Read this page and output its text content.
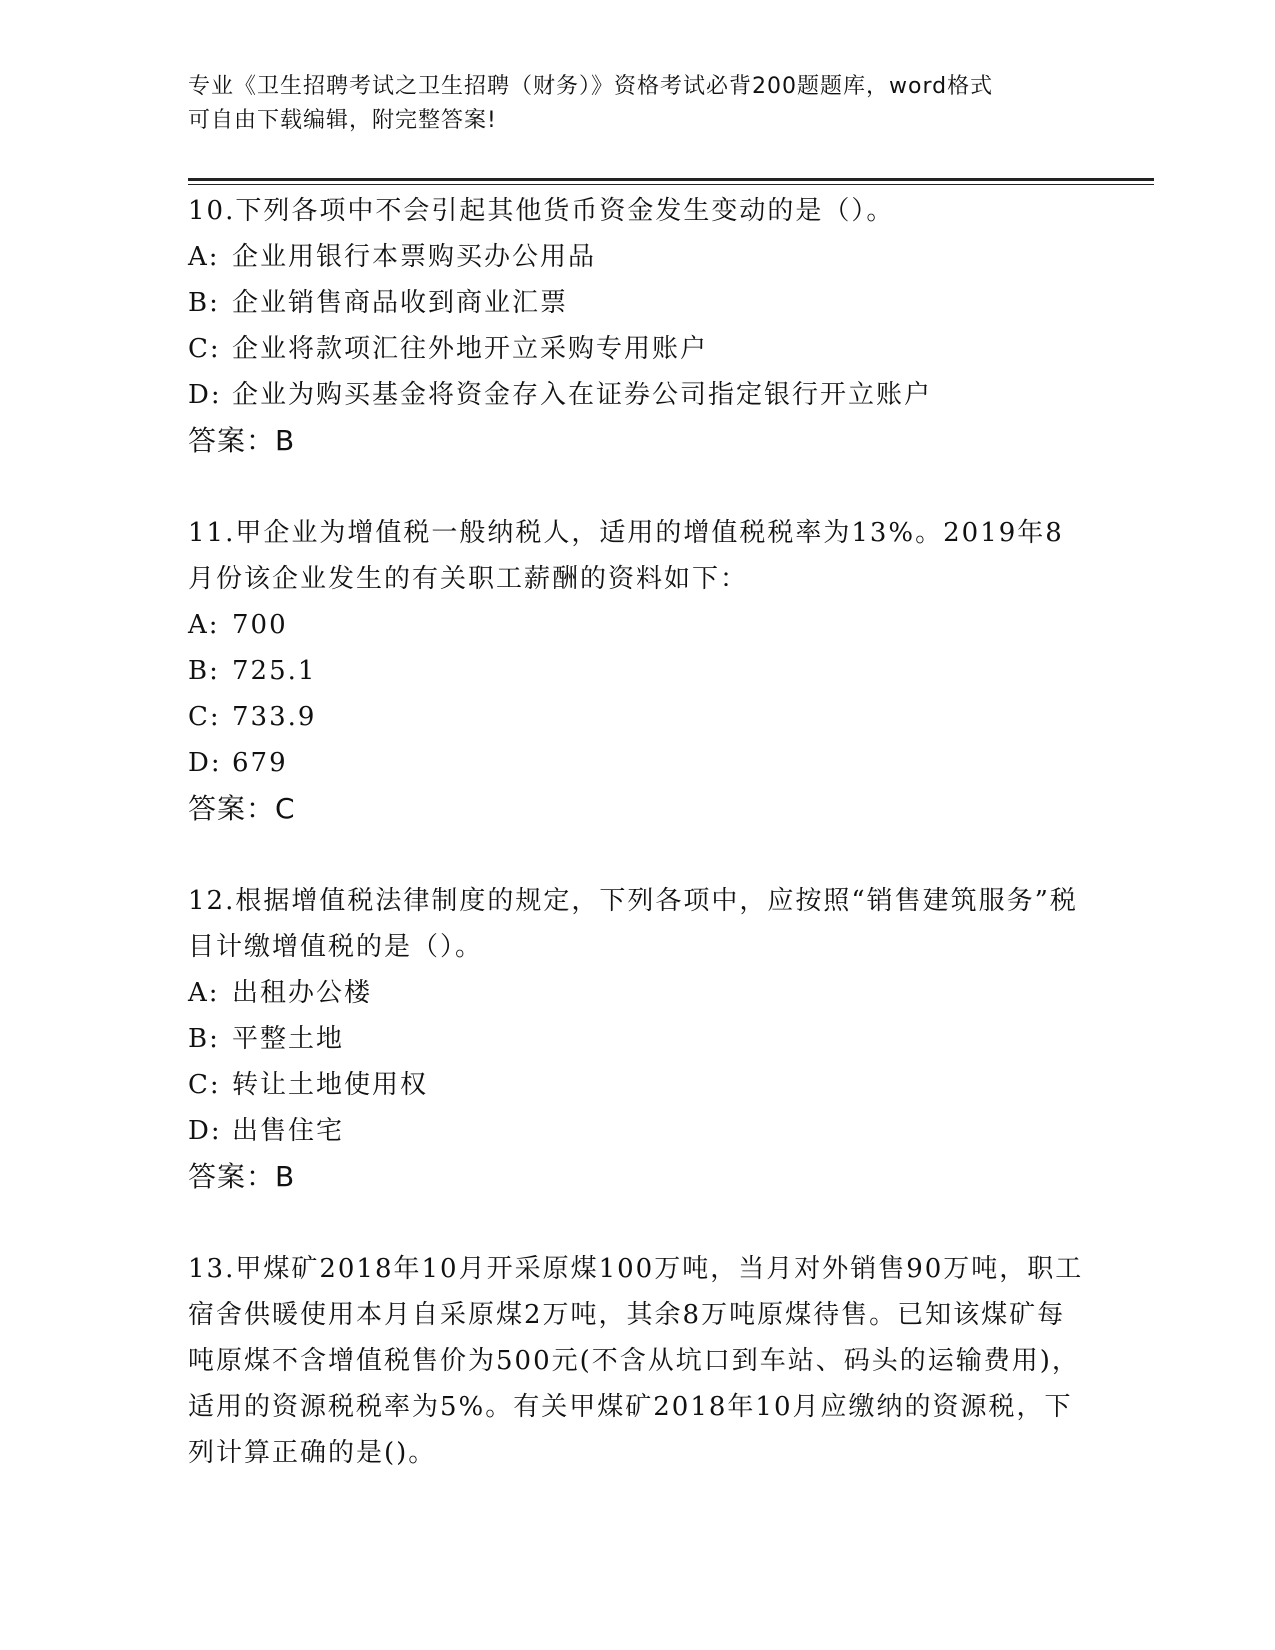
专业《卫生招聘考试之卫生招聘（财务）》资格考试必背200题题库，word格式
可自由下载编辑，附完整答案!
10.下列各项中不会引起其他货币资金发生变动的是（）。
A: 企业用银行本票购买办公用品
B: 企业销售商品收到商业汇票
C: 企业将款项汇往外地开立采购专用账户
D: 企业为购买基金将资金存入在证券公司指定银行开立账户
答案：B
11.甲企业为增值税一般纳税人，适用的增值税税率为13%。2019年8月份该企业发生的有关职工薪酬的资料如下：
A: 700
B: 725.1
C: 733.9
D: 679
答案：C
12.根据增值税法律制度的规定，下列各项中，应按照“销售建筑服务”税目计缴增值税的是（）。
A: 出租办公楼
B: 平整土地
C: 转让土地使用权
D: 出售住宅
答案：B
13.甲煤矿2018年10月开采原煤100万吨，当月对外销售90万吨，职工宿舍供暖使用本月自采原煤2万吨，其余8万吨原煤待售。已知该煤矿每吨原煤不含增值税售价为500元(不含从坑口到车站、码头的运输费用)，适用的资源税税率为5%。有关甲煤矿2018年10月应缴纳的资源税，下列计算正确的是()。
